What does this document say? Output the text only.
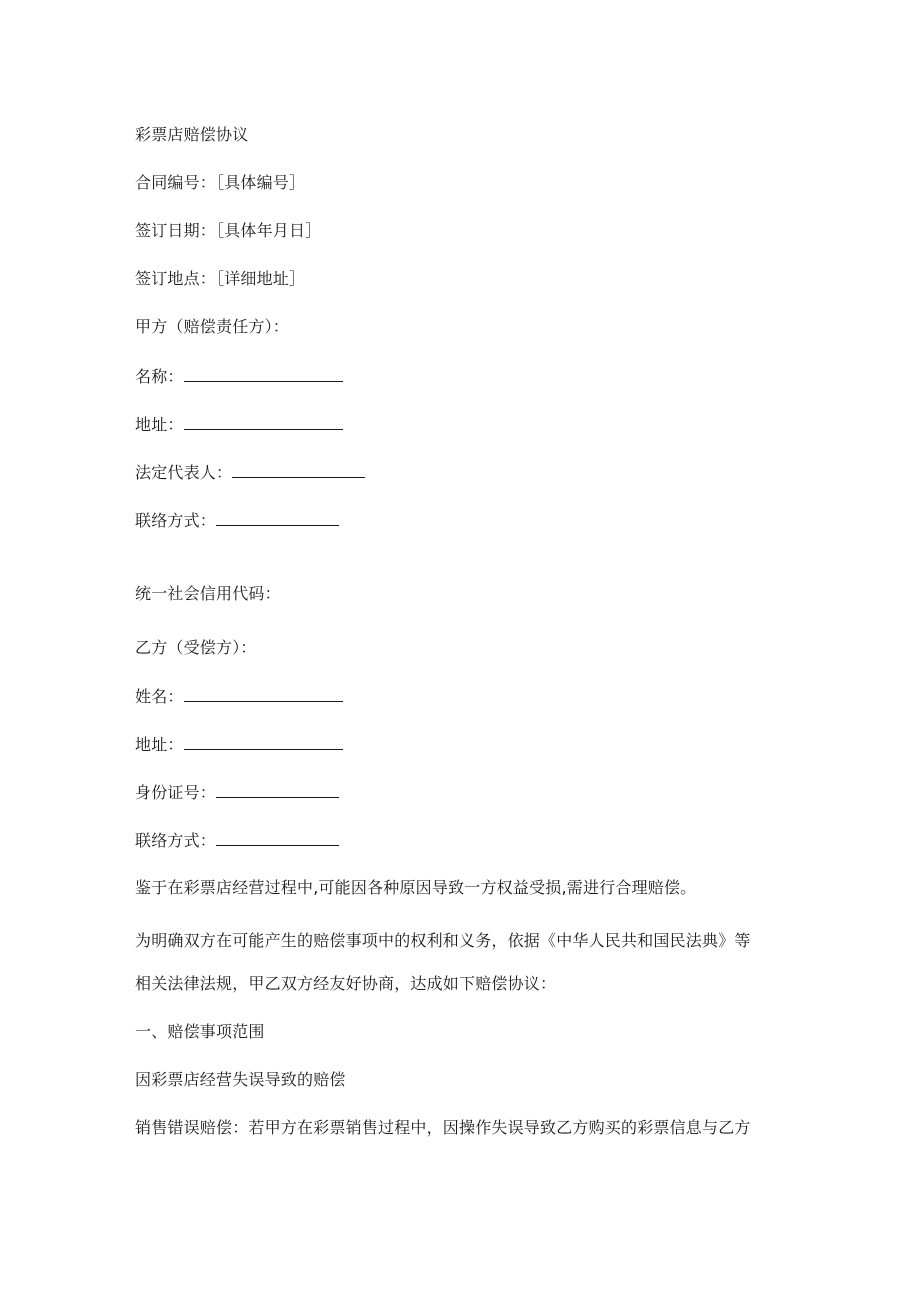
彩票店赔偿协议
合同编号：［具体编号］
签订日期：［具体年月日］
签订地点：［详细地址］
甲方（赔偿责任方）：
名称：
地址：
法定代表人：
联络方式：
统一社会信用代码：
乙方（受偿方）：
姓名：
地址：
身份证号：
联络方式：
鉴于在彩票店经营过程中,可能因各种原因导致一方权益受损,需进行合理赔偿。
为明确双方在可能产生的赔偿事项中的权利和义务，依据《中华人民共和国民法典》等
相关法律法规，甲乙双方经友好协商，达成如下赔偿协议：
一、赔偿事项范围
因彩票店经营失误导致的赔偿
销售错误赔偿：若甲方在彩票销售过程中，因操作失误导致乙方购买的彩票信息与乙方
